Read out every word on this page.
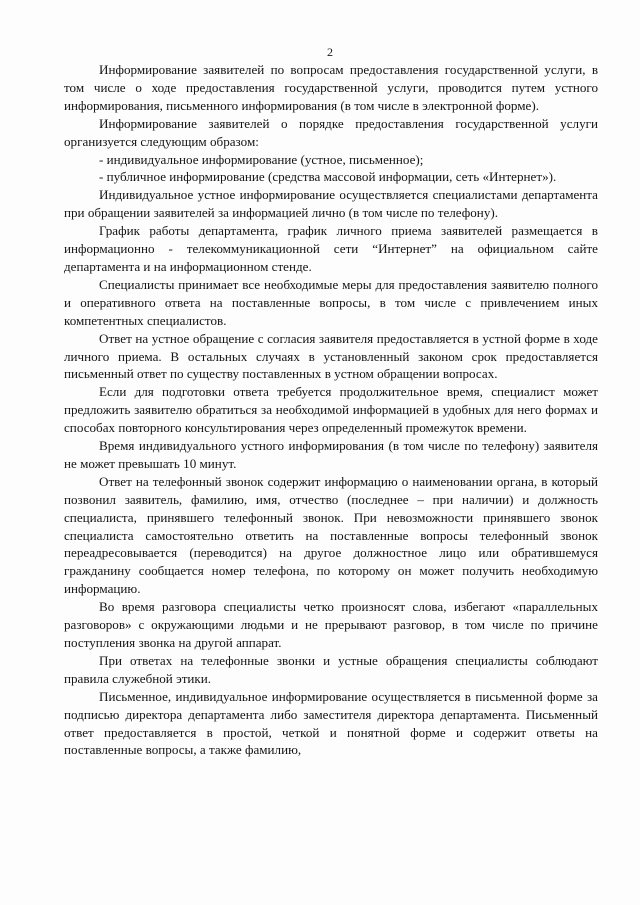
2

Информирование заявителей по вопросам предоставления государственной услуги, в том числе о ходе предоставления государственной услуги, проводится путем устного информирования, письменного информирования (в том числе в электронной форме).

Информирование заявителей о порядке предоставления государственной услуги организуется следующим образом:

- индивидуальное информирование (устное, письменное);

- публичное информирование (средства массовой информации, сеть «Интернет»).

Индивидуальное устное информирование осуществляется специалистами департамента при обращении заявителей за информацией лично (в том числе по телефону).

График работы департамента, график личного приема заявителей размещается в информационно - телекоммуникационной сети “Интернет” на официальном сайте департамента и на информационном стенде.

Специалисты принимает все необходимые меры для предоставления заявителю полного и оперативного ответа на поставленные вопросы, в том числе с привлечением иных компетентных специалистов.

Ответ на устное обращение с согласия заявителя предоставляется в устной форме в ходе личного приема. В остальных случаях в установленный законом срок предоставляется письменный ответ по существу поставленных в устном обращении вопросах.

Если для подготовки ответа требуется продолжительное время, специалист может предложить заявителю обратиться за необходимой информацией в удобных для него формах и способах повторного консультирования через определенный промежуток времени.

Время индивидуального устного информирования (в том числе по телефону) заявителя не может превышать 10 минут.

Ответ на телефонный звонок содержит информацию о наименовании органа, в который позвонил заявитель, фамилию, имя, отчество (последнее – при наличии) и должность специалиста, принявшего телефонный звонок. При невозможности принявшего звонок специалиста самостоятельно ответить на поставленные вопросы телефонный звонок переадресовывается (переводится) на другое должностное лицо или обратившемуся гражданину сообщается номер телефона, по которому он может получить необходимую информацию.

Во время разговора специалисты четко произносят слова, избегают «параллельных разговоров» с окружающими людьми и не прерывают разговор, в том числе по причине поступления звонка на другой аппарат.

При ответах на телефонные звонки и устные обращения специалисты соблюдают правила служебной этики.

Письменное, индивидуальное информирование осуществляется в письменной форме за подписью директора департамента либо заместителя директора департамента. Письменный ответ предоставляется в простой, четкой и понятной форме и содержит ответы на поставленные вопросы, а также фамилию,
